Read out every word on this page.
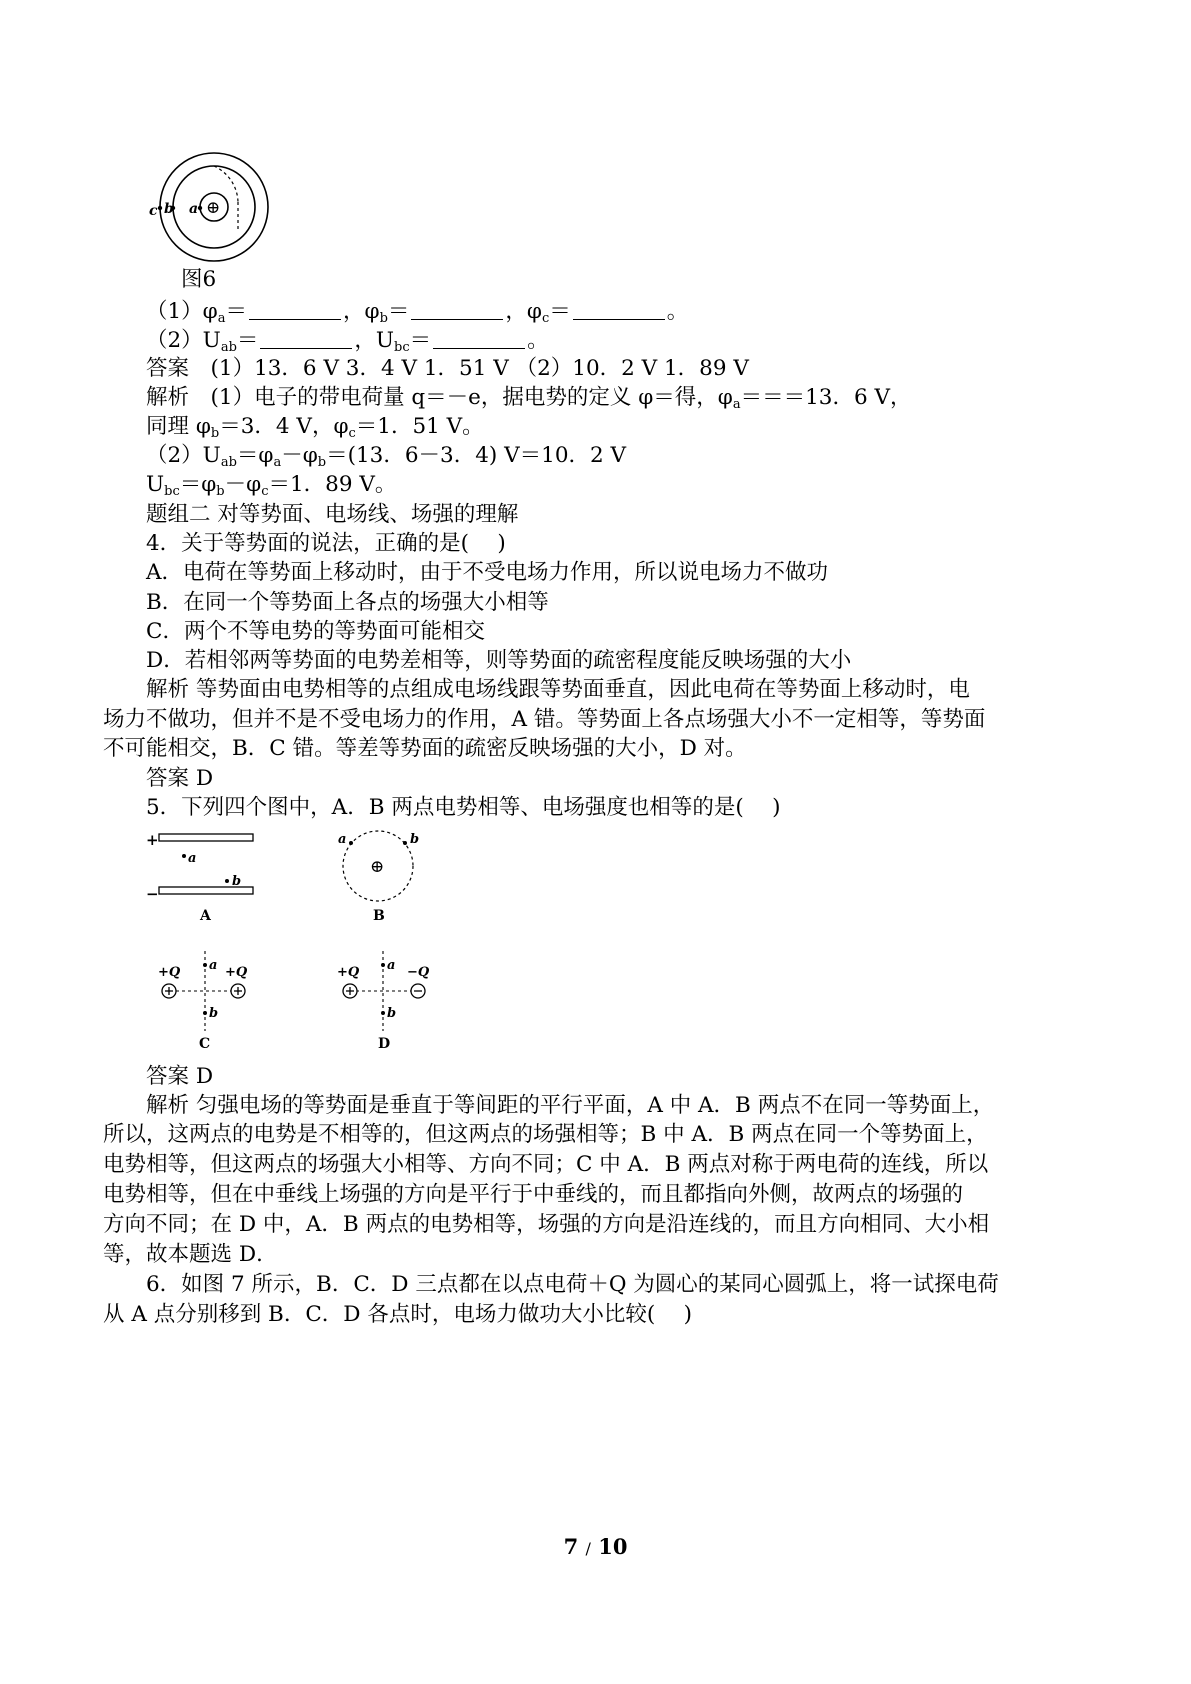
⊕
c b a
图6
$(1)\varphi_a=$	，$\varphi_b=$	，$\varphi_c=$	。
$(2)U_{ab}=$	，$U_{bc}=$	。
答案　(1）13．6 V 3．4 V 1．51 V （2）10．2 V 1．89 V
解析　(1）电子的带电荷量 q＝－e，据电势的定义 φ＝得，$\varphi_a===13$．6 V，
同理 $\varphi_b=3$．4 V，$\varphi_c=1$．51 V。
$(2)U_{ab}=\varphi_a-\varphi_b=(13$．6－3．4) V＝10．2 V
$U_{bc}=\varphi_b-\varphi_c=1$．89 V。
题组二 对等势面、电场线、场强的理解
4．关于等势面的说法，正确的是(　 )
A．电荷在等势面上移动时，由于不受电场力作用，所以说电场力不做功
B．在同一个等势面上各点的场强大小相等
C．两个不等电势的等势面可能相交
D．若相邻两等势面的电势差相等，则等势面的疏密程度能反映场强的大小
解析 等势面由电势相等的点组成电场线跟等势面垂直，因此电荷在等势面上移动时，电
场力不做功，但并不是不受电场力的作用，A 错。等势面上各点场强大小不一定相等，等势面
不可能相交，B．C 错。等差等势面的疏密反映场强的大小，D 对。
答案 D
5．下列四个图中，A．B 两点电势相等、电场强度也相等的是(　 )
+
−
a
b
A
⊕
a	b
B
+Q	+Q
a
b
C
+Q	−Q
a
b
D
答案 D
解析 匀强电场的等势面是垂直于等间距的平行平面，A 中 A．B 两点不在同一等势面上，
所以，这两点的电势是不相等的，但这两点的场强相等；B 中 A．B 两点在同一个等势面上，
电势相等，但这两点的场强大小相等、方向不同；C 中 A．B 两点对称于两电荷的连线，所以
电势相等，但在中垂线上场强的方向是平行于中垂线的，而且都指向外侧，故两点的场强的
方向不同；在 D 中，A．B 两点的电势相等，场强的方向是沿连线的，而且方向相同、大小相
等，故本题选 D．
6．如图 7 所示，B．C．D 三点都在以点电荷＋Q 为圆心的某同心圆弧上，将一试探电荷
从 A 点分别移到 B．C．D 各点时，电场力做功大小比较(　 )
7 / 10
